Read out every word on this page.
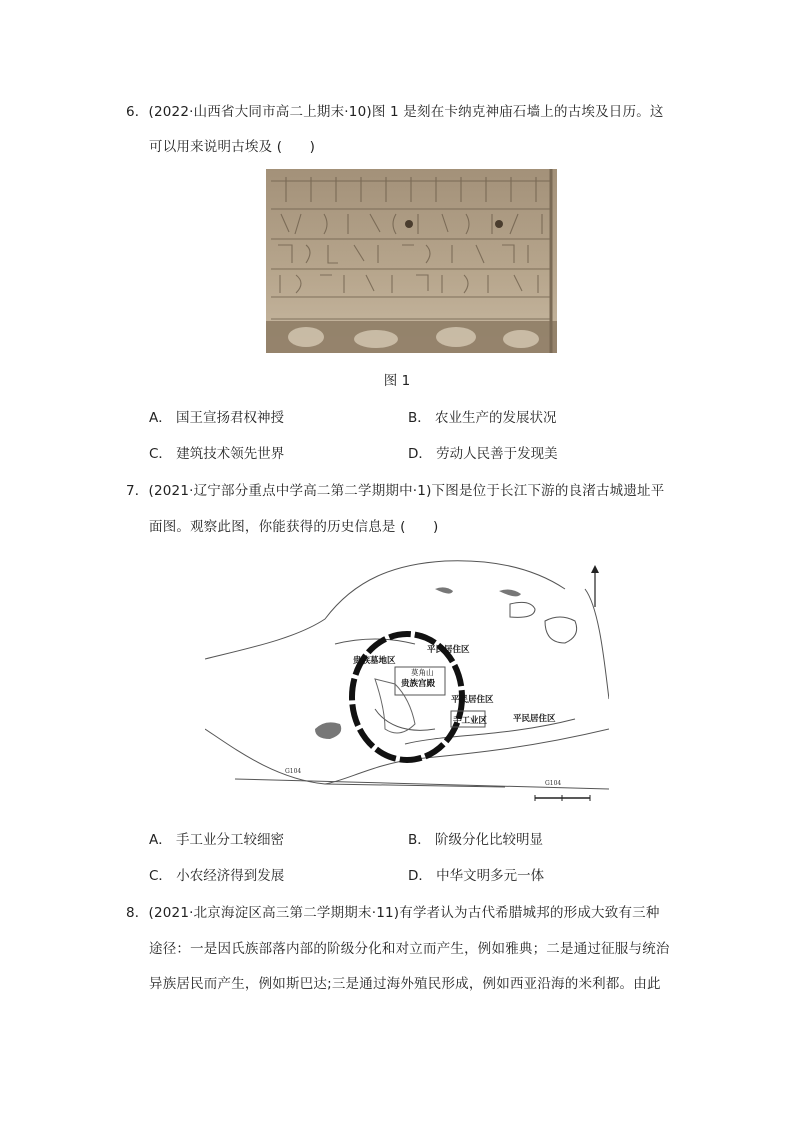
6．(2022·山西省大同市高二上期末·10)图 1 是刻在卡纳克神庙石墙上的古埃及日历。这
可以用来说明古埃及 (　　)
图 1
A． 国王宣扬君权神授	B． 农业生产的发展状况
C． 建筑技术领先世界	D． 劳动人民善于发现美
7．(2021·辽宁部分重点中学高二第二学期期中·1)下图是位于长江下游的良渚古城遗址平
面图。观察此图，你能获得的历史信息是 (　　)
平民居住区
贵族宫殿
平民居住区
手工业区	平民居住区
贵族墓地区
莫角山
G104
G104
A． 手工业分工较细密	B． 阶级分化比较明显
C． 小农经济得到发展	D． 中华文明多元一体
8．(2021·北京海淀区高三第二学期期末·11)有学者认为古代希腊城邦的形成大致有三种
途径：一是因氏族部落内部的阶级分化和对立而产生，例如雅典；二是通过征服与统治
异族居民而产生，例如斯巴达;三是通过海外殖民形成，例如西亚沿海的米利都。由此
